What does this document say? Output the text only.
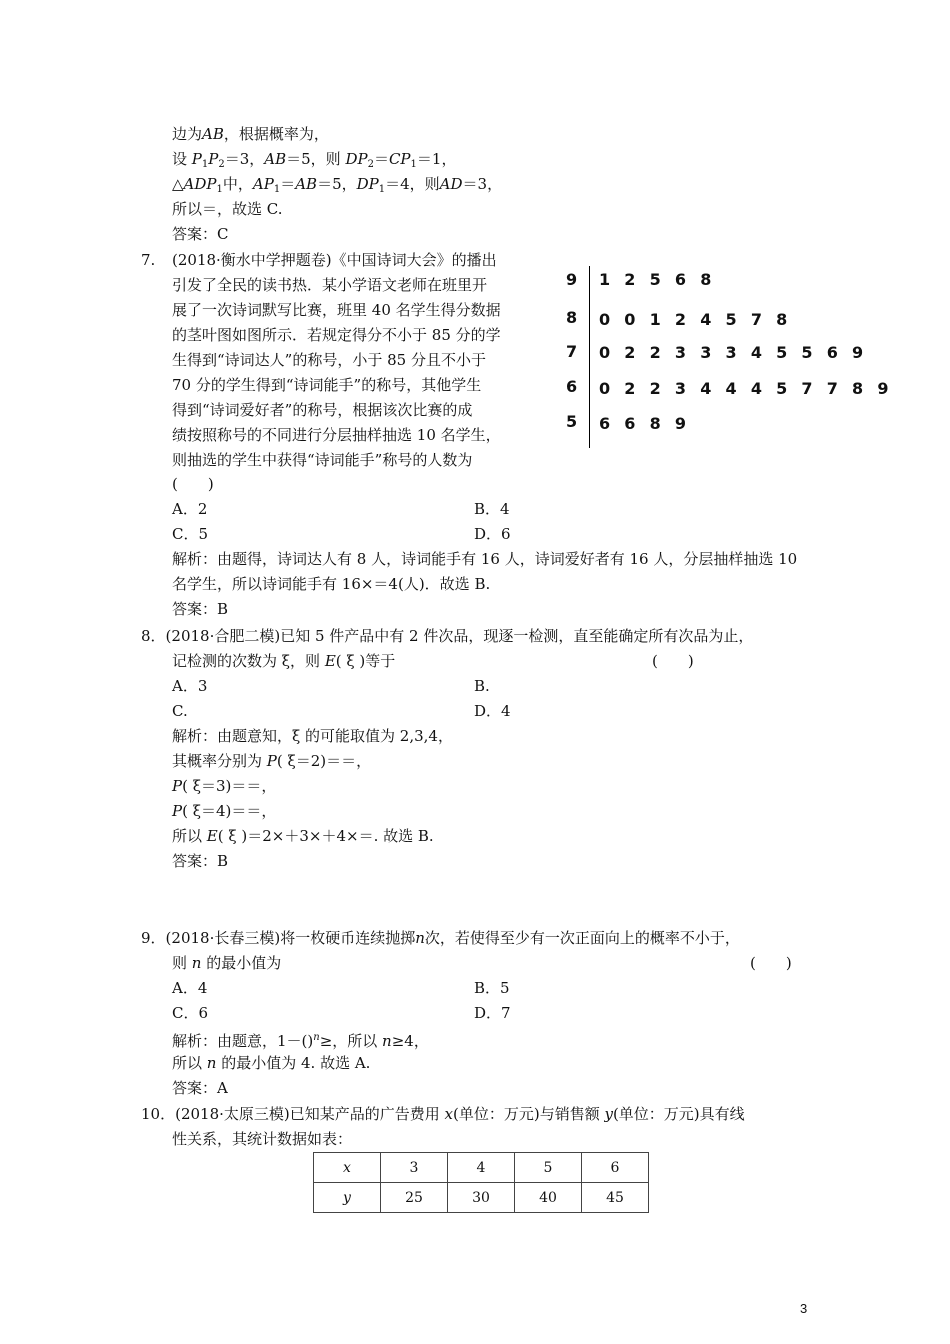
边为AB，根据概率为，
设 $P_1P_2=3$，AB＝5，则 $DP_2=CP_1=1$，
$\triangle ADP_1$中，$AP_1=AB=5$，$DP_1=4$，则AD＝3，
所以＝，故选 C.
答案：C
7. (2018·衡水中学押题卷)《中国诗词大会》的播出
引发了全民的读书热．某小学语文老师在班里开
展了一次诗词默写比赛，班里 40 名学生得分数据
的茎叶图如图所示．若规定得分不小于 85 分的学
生得到“诗词达人”的称号，小于 85 分且不小于
70 分的学生得到“诗词能手”的称号，其他学生
得到“诗词爱好者”的称号，根据该次比赛的成
绩按照称号的不同进行分层抽样抽选 10 名学生，
则抽选的学生中获得“诗词能手”称号的人数为
(　　)
9 1 2 5 6 8
8 0 0 1 2 4 5 7 8
7 0 2 2 3 3 3 4 5 5 6 9
6 0 2 2 3 4 4 4 5 7 7 8 9
5 6 6 8 9
A．2	B．4
C．5	D．6
解析：由题得，诗词达人有 8 人，诗词能手有 16 人，诗词爱好者有 16 人，分层抽样抽选 10
名学生，所以诗词能手有 16×＝4(人)．故选 B.
答案：B
8．(2018·合肥二模)已知 5 件产品中有 2 件次品，现逐一检测，直至能确定所有次品为止，
记检测的次数为 ξ，则 E( ξ )等于	(　　)
A．3	B.
C.	D．4
解析：由题意知，ξ 的可能取值为 2,3,4，
其概率分别为 P( ξ＝2)＝＝，
P( ξ＝3)＝＝，
P( ξ＝4)＝＝，
所以 E( ξ )＝2×＋3×＋4×＝. 故选 B.
答案：B
9．(2018·长春三模)将一枚硬币连续抛掷n次，若使得至少有一次正面向上的概率不小于，
则 n 的最小值为	(　　)
A．4	B．5
C．6	D．7
解析：由题意，1－()$^n$≥，所以 n≥4，
所以 n 的最小值为 4. 故选 A.
答案：A
10．(2018·太原三模)已知某产品的广告费用 x(单位：万元)与销售额 y(单位：万元)具有线
性关系，其统计数据如表：
x	3	4	5	6
y	25	30	40	45
3
